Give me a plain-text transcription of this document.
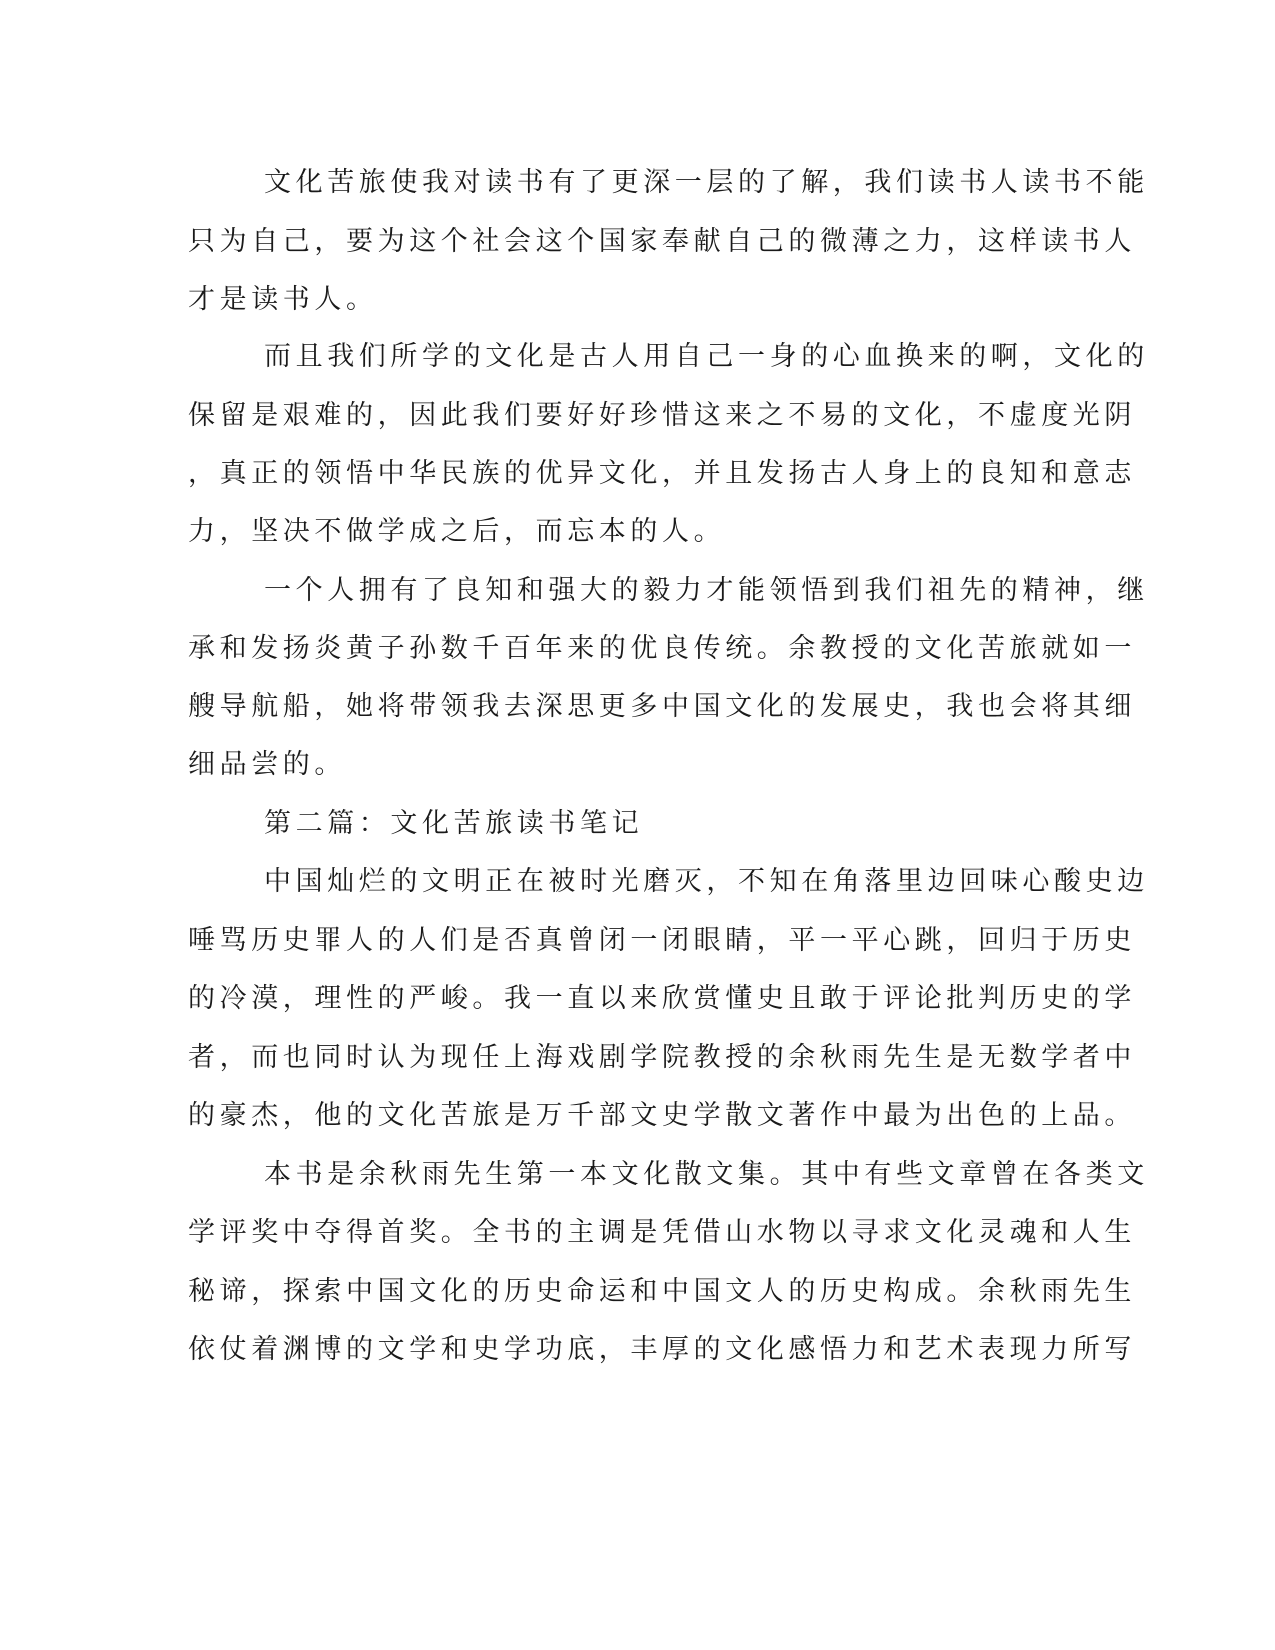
文化苦旅使我对读书有了更深一层的了解，我们读书人读书不能
只为自己，要为这个社会这个国家奉献自己的微薄之力，这样读书人
才是读书人。
而且我们所学的文化是古人用自己一身的心血换来的啊，文化的
保留是艰难的，因此我们要好好珍惜这来之不易的文化，不虚度光阴
，真正的领悟中华民族的优异文化，并且发扬古人身上的良知和意志
力，坚决不做学成之后，而忘本的人。
一个人拥有了良知和强大的毅力才能领悟到我们祖先的精神，继
承和发扬炎黄子孙数千百年来的优良传统。余教授的文化苦旅就如一
艘导航船，她将带领我去深思更多中国文化的发展史，我也会将其细
细品尝的。
第二篇：文化苦旅读书笔记
中国灿烂的文明正在被时光磨灭，不知在角落里边回味心酸史边
唾骂历史罪人的人们是否真曾闭一闭眼睛，平一平心跳，回归于历史
的冷漠，理性的严峻。我一直以来欣赏懂史且敢于评论批判历史的学
者，而也同时认为现任上海戏剧学院教授的余秋雨先生是无数学者中
的豪杰，他的文化苦旅是万千部文史学散文著作中最为出色的上品。
本书是余秋雨先生第一本文化散文集。其中有些文章曾在各类文
学评奖中夺得首奖。全书的主调是凭借山水物以寻求文化灵魂和人生
秘谛，探索中国文化的历史命运和中国文人的历史构成。余秋雨先生
依仗着渊博的文学和史学功底，丰厚的文化感悟力和艺术表现力所写
